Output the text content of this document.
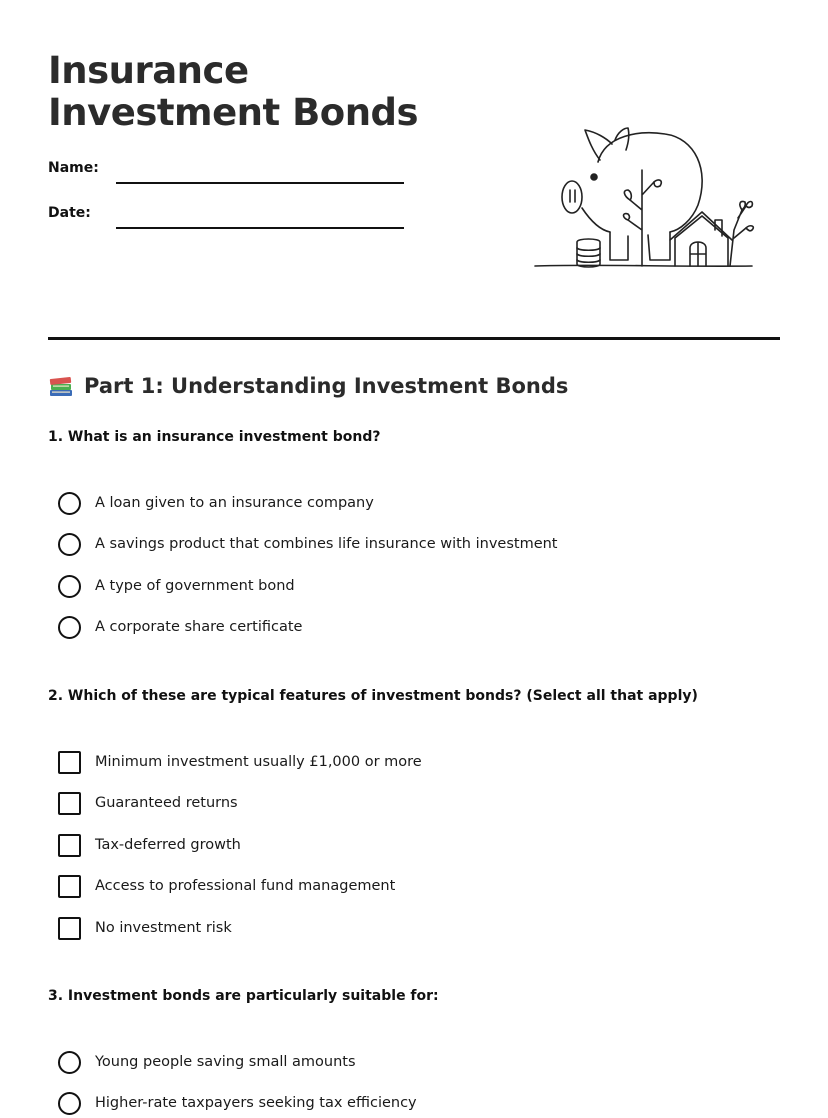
Insurance Investment Bonds
Name:
Date:
Part 1: Understanding Investment Bonds
1. What is an insurance investment bond?
A loan given to an insurance company
A savings product that combines life insurance with investment
A type of government bond
A corporate share certificate
2. Which of these are typical features of investment bonds? (Select all that apply)
Minimum investment usually £1,000 or more
Guaranteed returns
Tax-deferred growth
Access to professional fund management
No investment risk
3. Investment bonds are particularly suitable for:
Young people saving small amounts
Higher-rate taxpayers seeking tax efficiency
